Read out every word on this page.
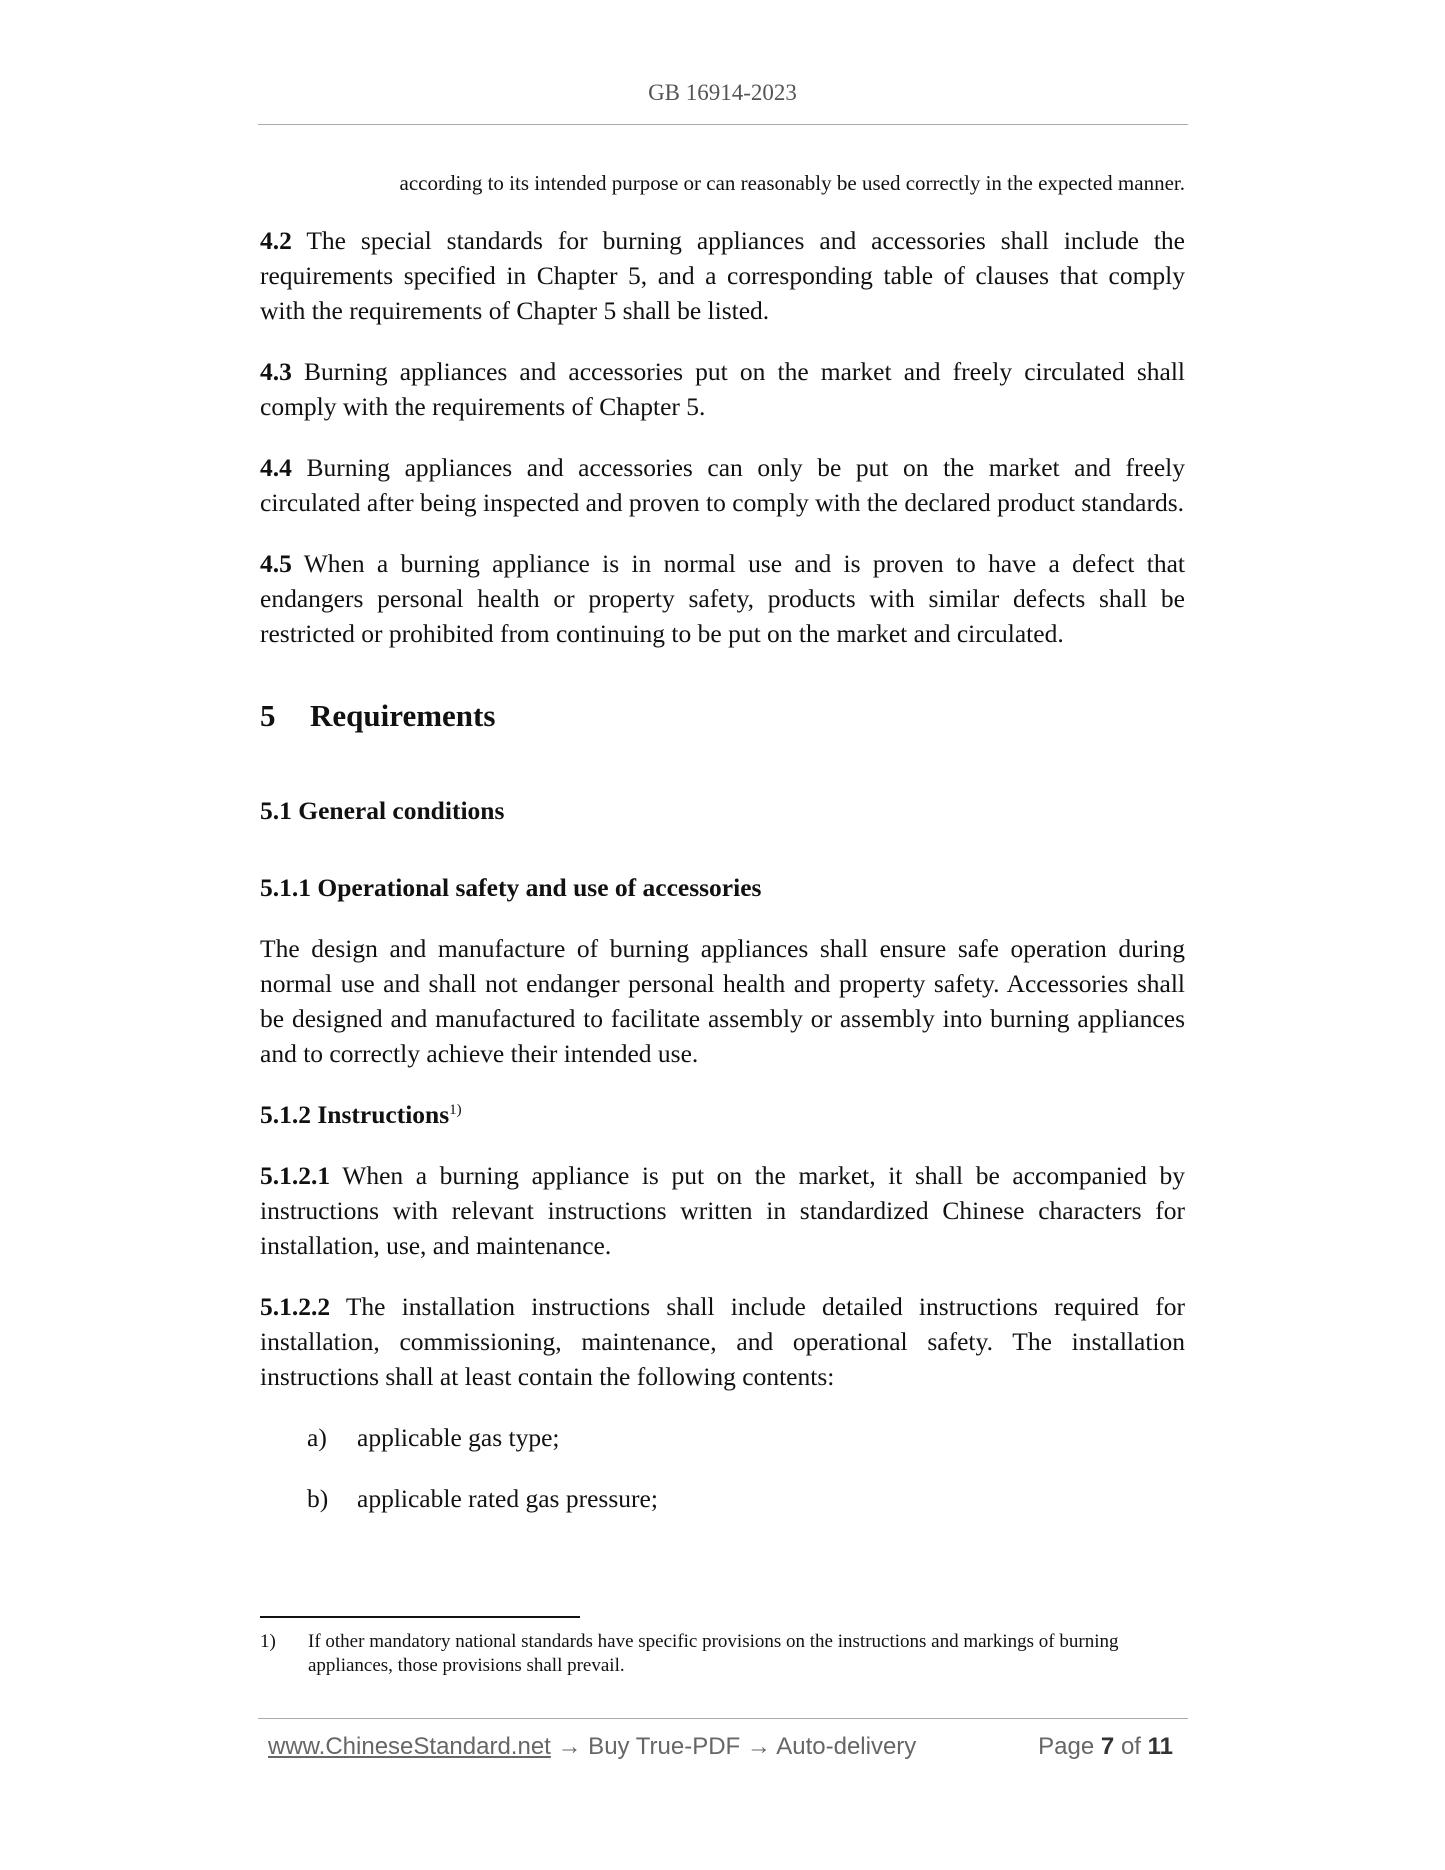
GB 16914-2023
according to its intended purpose or can reasonably be used correctly in the expected manner.

4.2 The special standards for burning appliances and accessories shall include the requirements specified in Chapter 5, and a corresponding table of clauses that comply with the requirements of Chapter 5 shall be listed.

4.3 Burning appliances and accessories put on the market and freely circulated shall comply with the requirements of Chapter 5.

4.4 Burning appliances and accessories can only be put on the market and freely circulated after being inspected and proven to comply with the declared product standards.

4.5 When a burning appliance is in normal use and is proven to have a defect that endangers personal health or property safety, products with similar defects shall be restricted or prohibited from continuing to be put on the market and circulated.

5 Requirements
5.1 General conditions
5.1.1 Operational safety and use of accessories

The design and manufacture of burning appliances shall ensure safe operation during normal use and shall not endanger personal health and property safety. Accessories shall be designed and manufactured to facilitate assembly or assembly into burning appliances and to correctly achieve their intended use.

5.1.2 Instructions$^{1)}$

5.1.2.1 When a burning appliance is put on the market, it shall be accompanied by instructions with relevant instructions written in standardized Chinese characters for installation, use, and maintenance.

5.1.2.2 The installation instructions shall include detailed instructions required for installation, commissioning, maintenance, and operational safety. The installation instructions shall at least contain the following contents:

a)	applicable gas type;
b)	applicable rated gas pressure;
1)	If other mandatory national standards have specific provisions on the instructions and markings of burning appliances, those provisions shall prevail.
www.ChineseStandard.net → Buy True-PDF → Auto-delivery	Page 7 of 11
